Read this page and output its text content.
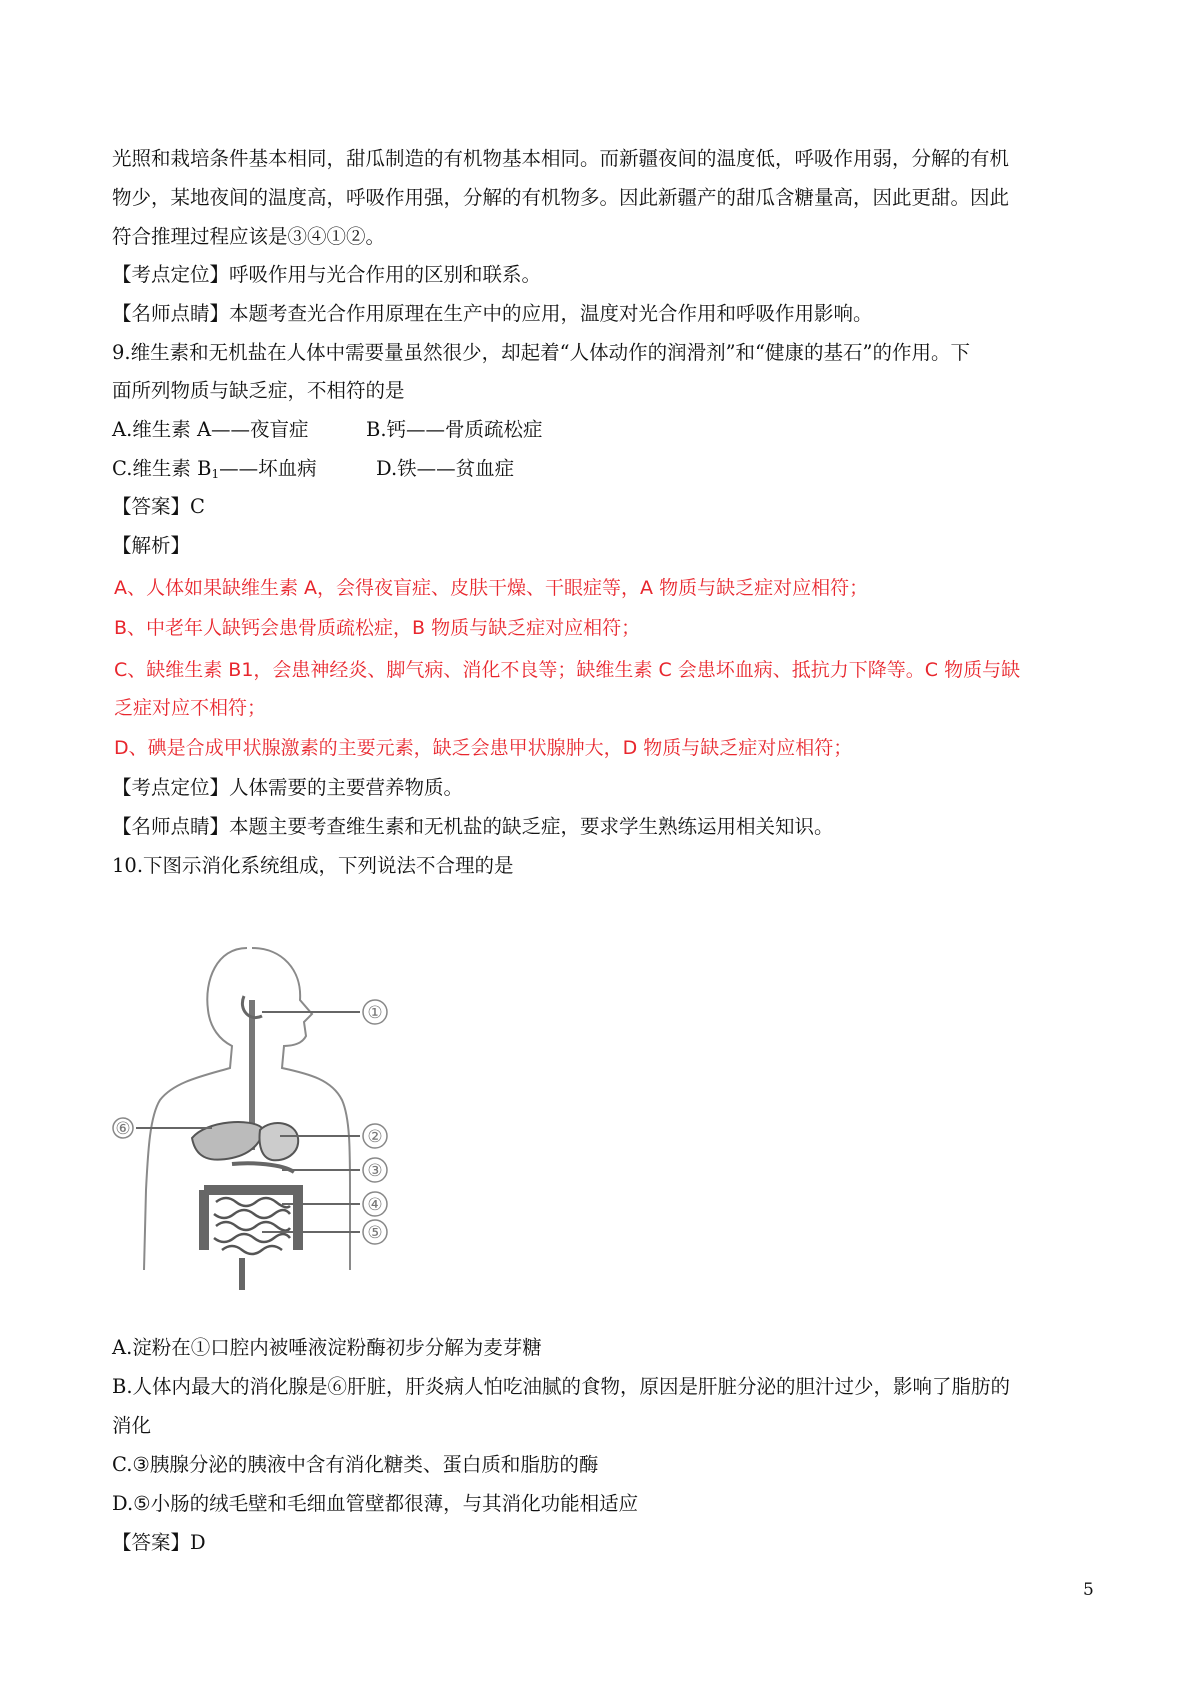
光照和栽培条件基本相同，甜瓜制造的有机物基本相同。而新疆夜间的温度低，呼吸作用弱，分解的有机
物少，某地夜间的温度高，呼吸作用强，分解的有机物多。因此新疆产的甜瓜含糖量高，因此更甜。因此
符合推理过程应该是③④①②。
【考点定位】呼吸作用与光合作用的区别和联系。
【名师点睛】本题考查光合作用原理在生产中的应用，温度对光合作用和呼吸作用影响。
9.维生素和无机盐在人体中需要量虽然很少，却起着“人体动作的润滑剂”和“健康的基石”的作用。下
面所列物质与缺乏症，不相符的是
A.维生素 A——夜盲症	B.钙——骨质疏松症
C.维生素 $B_1——$坏血病	D.铁——贫血症
【答案】C
【解析】
A、人体如果缺维生素 A，会得夜盲症、皮肤干燥、干眼症等，A 物质与缺乏症对应相符；
B、中老年人缺钙会患骨质疏松症，B 物质与缺乏症对应相符；
C、缺维生素 B1，会患神经炎、脚气病、消化不良等；缺维生素 C 会患坏血病、抵抗力下降等。C 物质与缺
乏症对应不相符；
D、碘是合成甲状腺激素的主要元素，缺乏会患甲状腺肿大，D 物质与缺乏症对应相符；
【考点定位】人体需要的主要营养物质。
【名师点睛】本题主要考查维生素和无机盐的缺乏症，要求学生熟练运用相关知识。
10.下图示消化系统组成，下列说法不合理的是
①
②
③
④
⑤
⑥
A.淀粉在①口腔内被唾液淀粉酶初步分解为麦芽糖
B.人体内最大的消化腺是⑥肝脏，肝炎病人怕吃油腻的食物，原因是肝脏分泌的胆汁过少，影响了脂肪的
消化
C.③胰腺分泌的胰液中含有消化糖类、蛋白质和脂肪的酶
D.⑤小肠的绒毛壁和毛细血管壁都很薄，与其消化功能相适应
【答案】D
5
